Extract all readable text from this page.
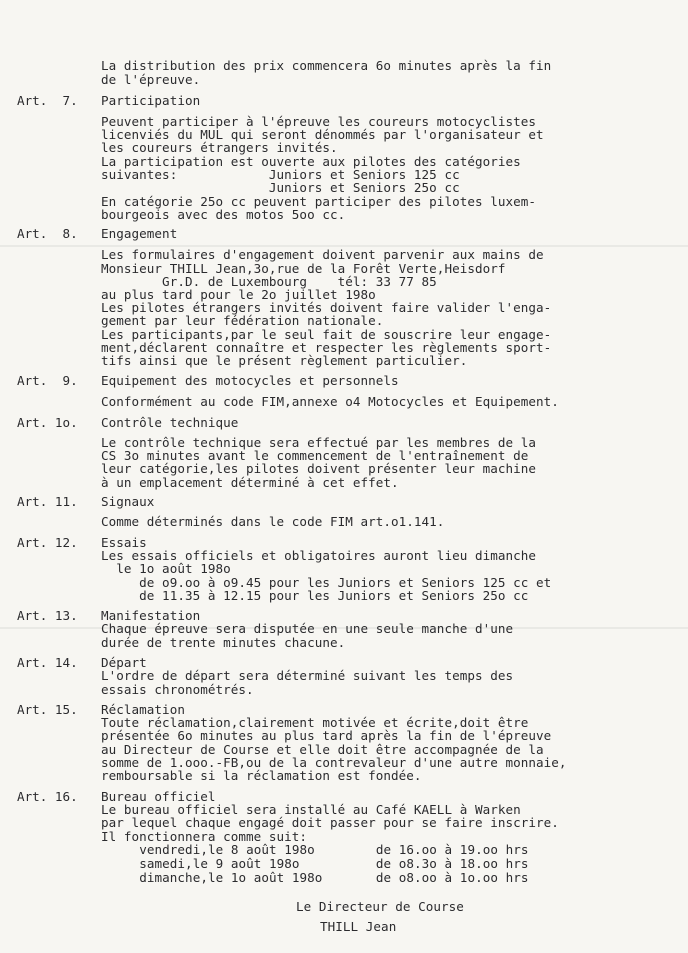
La distribution des prix commencera 6o minutes après la fin
de l'épreuve.
Art.  7. Participation
Peuvent participer à l'épreuve les coureurs motocyclistes
licenviés du MUL qui seront dénommés par l'organisateur et
les coureurs étrangers invités.
La participation est ouverte aux pilotes des catégories
suivantes:            Juniors et Seniors 125 cc
Juniors et Seniors 25o cc
En catégorie 25o cc peuvent participer des pilotes luxem-
bourgeois avec des motos 5oo cc.
Art.  8. Engagement
Les formulaires d'engagement doivent parvenir aux mains de
Monsieur THILL Jean,3o,rue de la Forêt Verte,Heisdorf
Gr.D. de Luxembourg    tél: 33 77 85
au plus tard pour le 2o juillet 198o
Les pilotes étrangers invités doivent faire valider l'enga-
gement par leur fédération nationale.
Les participants,par le seul fait de souscrire leur engage-
ment,déclarent connaître et respecter les règlements sport-
tifs ainsi que le présent règlement particulier.
Art.  9. Equipement des motocycles et personnels
Conformément au code FIM,annexe o4 Motocycles et Equipement.
Art. 1o. Contrôle technique
Le contrôle technique sera effectué par les membres de la
CS 3o minutes avant le commencement de l'entraînement de
leur catégorie,les pilotes doivent présenter leur machine
à un emplacement déterminé à cet effet.
Art. 11. Signaux
Comme déterminés dans le code FIM art.o1.141.
Art. 12. Essais
Les essais officiels et obligatoires auront lieu dimanche
le 1o août 198o
de o9.oo à o9.45 pour les Juniors et Seniors 125 cc et
de 11.35 à 12.15 pour les Juniors et Seniors 25o cc
Art. 13. Manifestation
Chaque épreuve sera disputée en une seule manche d'une
durée de trente minutes chacune.
Art. 14. Départ
L'ordre de départ sera déterminé suivant les temps des
essais chronométrés.
Art. 15. Réclamation
Toute réclamation,clairement motivée et écrite,doit être
présentée 6o minutes au plus tard après la fin de l'épreuve
au Directeur de Course et elle doit être accompagnée de la
somme de 1.ooo.-FB,ou de la contrevaleur d'une autre monnaie,
remboursable si la réclamation est fondée.
Art. 16. Bureau officiel
Le bureau officiel sera installé au Café KAELL à Warken
par lequel chaque engagé doit passer pour se faire inscrire.
Il fonctionnera comme suit:
vendredi,le 8 août 198o        de 16.oo à 19.oo hrs
samedi,le 9 août 198o          de o8.3o à 18.oo hrs
dimanche,le 1o août 198o       de o8.oo à 1o.oo hrs
Le Directeur de Course
THILL Jean
